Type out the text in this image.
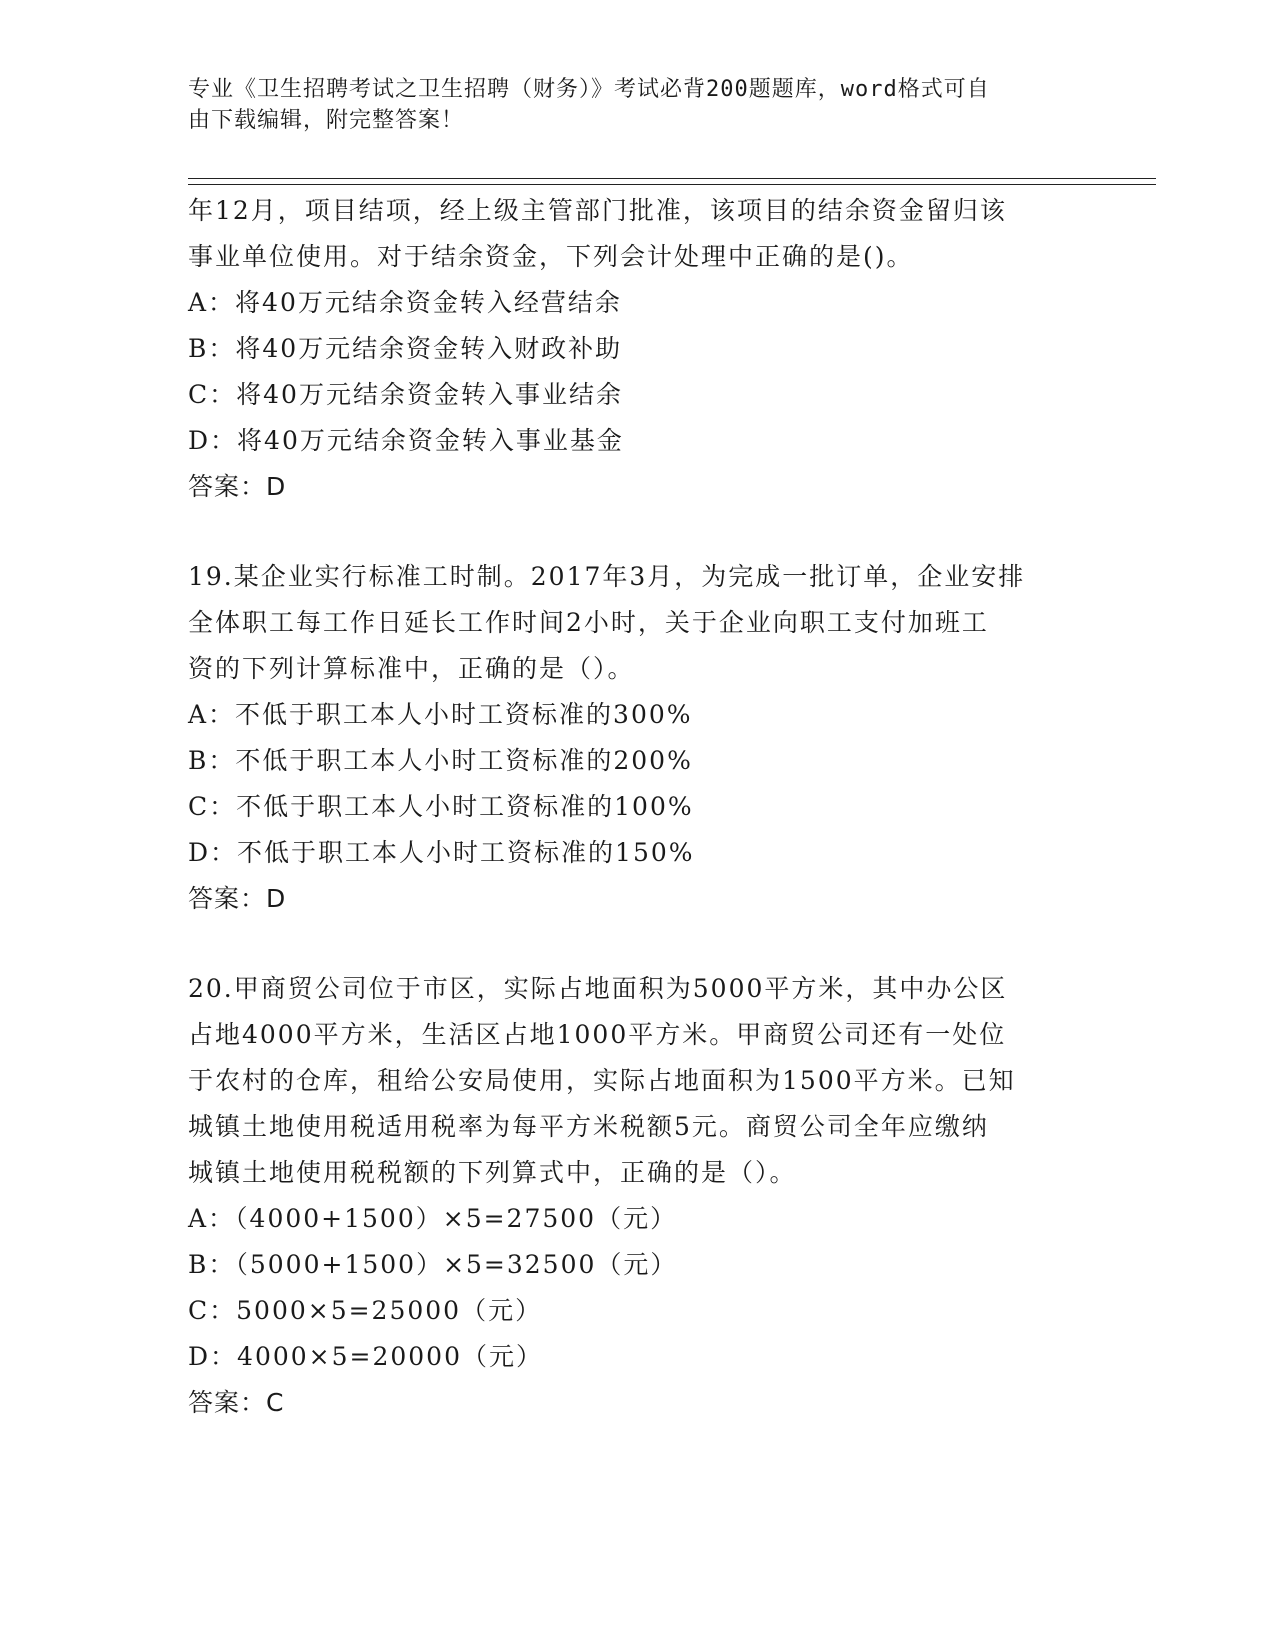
专业《卫生招聘考试之卫生招聘（财务）》考试必背200题题库，word格式可自
由下载编辑，附完整答案！
年12月，项目结项，经上级主管部门批准，该项目的结余资金留归该
事业单位使用。对于结余资金，下列会计处理中正确的是()。
A：将40万元结余资金转入经营结余
B：将40万元结余资金转入财政补助
C：将40万元结余资金转入事业结余
D：将40万元结余资金转入事业基金
答案：D
19.某企业实行标准工时制。2017年3月，为完成一批订单，企业安排
全体职工每工作日延长工作时间2小时，关于企业向职工支付加班工
资的下列计算标准中，正确的是（）。
A：不低于职工本人小时工资标准的300%
B：不低于职工本人小时工资标准的200%
C：不低于职工本人小时工资标准的100%
D：不低于职工本人小时工资标准的150%
答案：D
20.甲商贸公司位于市区，实际占地面积为5000平方米，其中办公区
占地4000平方米，生活区占地1000平方米。甲商贸公司还有一处位
于农村的仓库，租给公安局使用，实际占地面积为1500平方米。已知
城镇土地使用税适用税率为每平方米税额5元。商贸公司全年应缴纳
城镇土地使用税税额的下列算式中，正确的是（）。
A：（4000+1500）×5=27500（元）
B：（5000+1500）×5=32500（元）
C：5000×5=25000（元）
D：4000×5=20000（元）
答案：C
